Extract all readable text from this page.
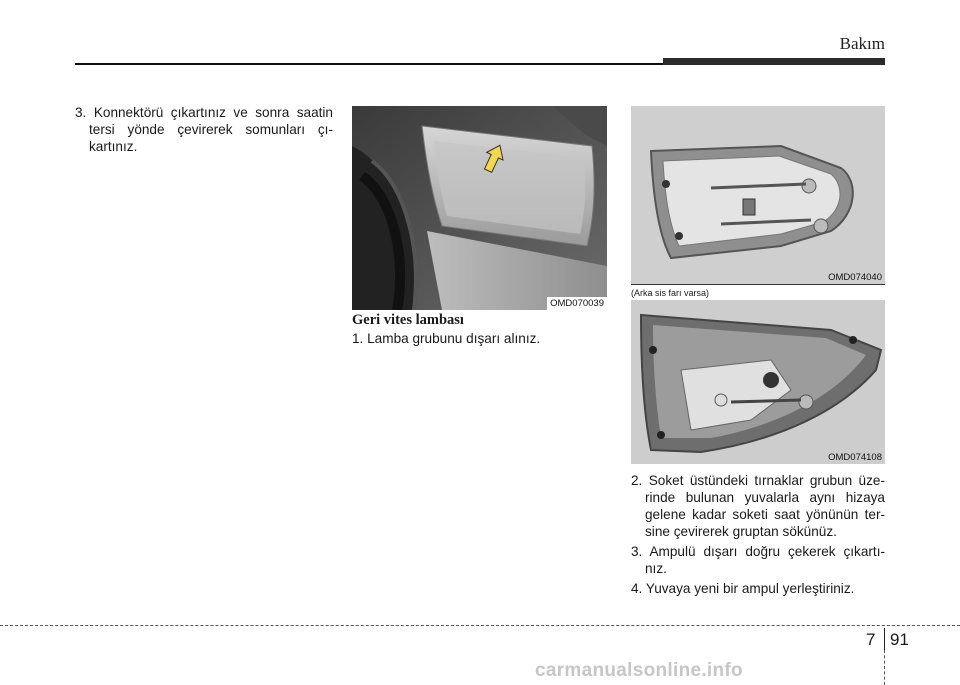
Bakım
3. Konnektörü çıkartınız ve sonra saatin tersi yönde çevirerek somunları çı-kartınız.
OMD070039
Geri vites lambası
1. Lamba grubunu dışarı alınız.
OMD074040
(Arka sis farı varsa)
OMD074108
2. Soket üstündeki tırnaklar grubun üze-rinde bulunan yuvalarla aynı hizaya gelene kadar soketi saat yönünün ter-sine çevirerek gruptan sökünüz.
3. Ampulü dışarı doğru çekerek çıkartı-nız.
4. Yuvaya yeni bir ampul yerleştiriniz.
7 91
carmanualsonline.info
